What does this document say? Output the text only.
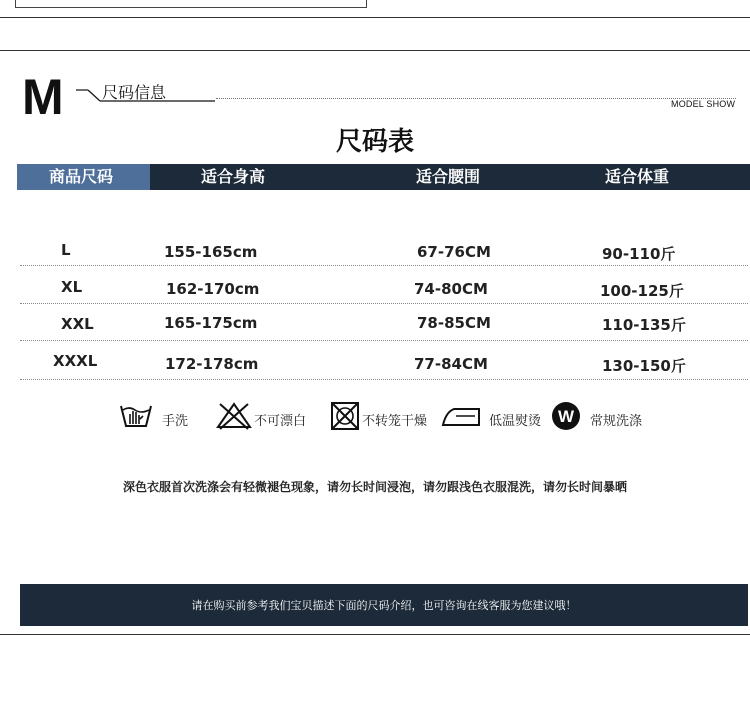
M 尺码信息
MODEL SHOW
尺码表
商品尺码	适合身高	适合腰围	适合体重
L	155-165cm	67-76CM	90-110斤
XL	162-170cm	74-80CM	100-125斤
XXL	165-175cm	78-85CM	110-135斤
XXXL	172-178cm	77-84CM	130-150斤
手洗	不可漂白	不转笼干燥	低温熨烫 W 常规洗涤
深色衣服首次洗涤会有轻微褪色现象，请勿长时间浸泡，请勿跟浅色衣服混洗，请勿长时间暴晒
请在购买前参考我们宝贝描述下面的尺码介绍，也可咨询在线客服为您建议哦！
